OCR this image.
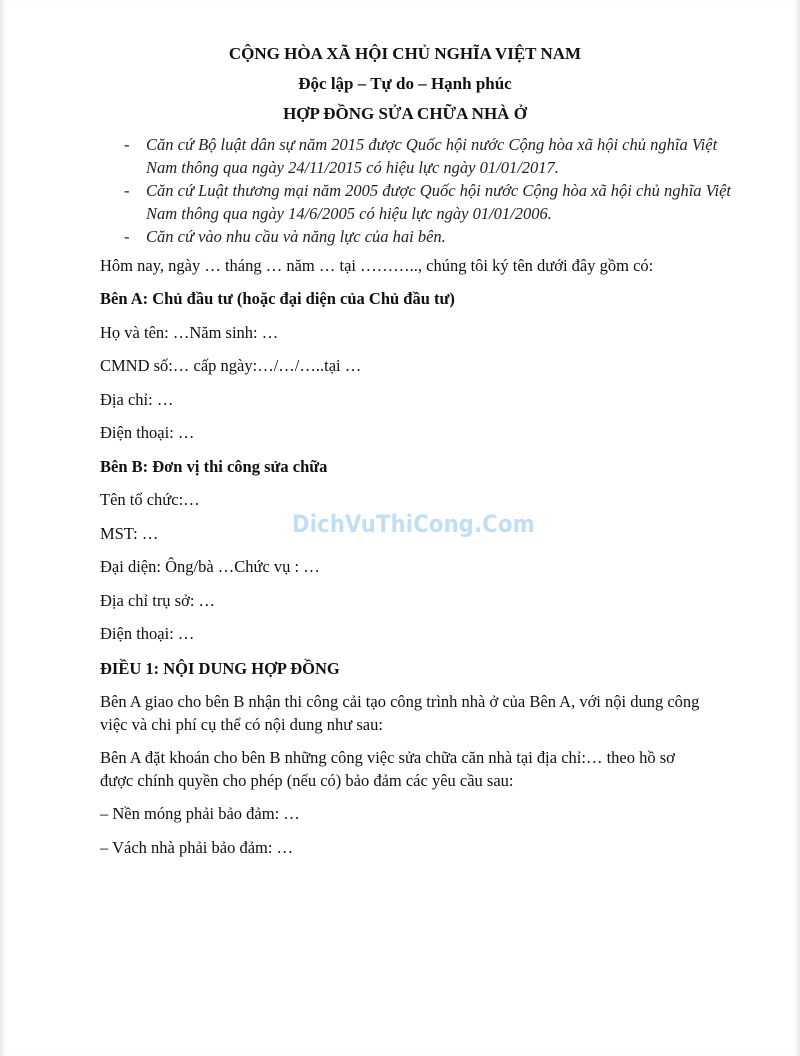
CỘNG HÒA XÃ HỘI CHỦ NGHĨA VIỆT NAM
Độc lập – Tự do – Hạnh phúc
HỢP ĐỒNG SỬA CHỮA NHÀ Ở
- Căn cứ Bộ luật dân sự năm 2015 được Quốc hội nước Cộng hòa xã hội chủ nghĩa Việt Nam thông qua ngày 24/11/2015 có hiệu lực ngày 01/01/2017.
- Căn cứ Luật thương mại năm 2005 được Quốc hội nước Cộng hòa xã hội chủ nghĩa Việt Nam thông qua ngày 14/6/2005 có hiệu lực ngày 01/01/2006.
- Căn cứ vào nhu cầu và năng lực của hai bên.

Hôm nay, ngày … tháng … năm … tại ……….., chúng tôi ký tên dưới đây gồm có:

Bên A: Chủ đầu tư (hoặc đại diện của Chủ đầu tư)

Họ và tên: …Năm sinh: …

CMND số:… cấp ngày:…/…/…..tại …

Địa chỉ: …

Điện thoại: …

Bên B: Đơn vị thi công sửa chữa

Tên tổ chức:…

MST: …

Đại diện: Ông/bà …Chức vụ : …

Địa chỉ trụ sở: …

Điện thoại: …

ĐIỀU 1: NỘI DUNG HỢP ĐỒNG

Bên A giao cho bên B nhận thi công cải tạo công trình nhà ở của Bên A, với nội dung công việc và chi phí cụ thể có nội dung như sau:

Bên A đặt khoán cho bên B những công việc sửa chữa căn nhà tại địa chỉ:… theo hồ sơ được chính quyền cho phép (nếu có) bảo đảm các yêu cầu sau:

– Nền móng phải bảo đảm: …

– Vách nhà phải bảo đảm: …

DichVuThiCong.Com
